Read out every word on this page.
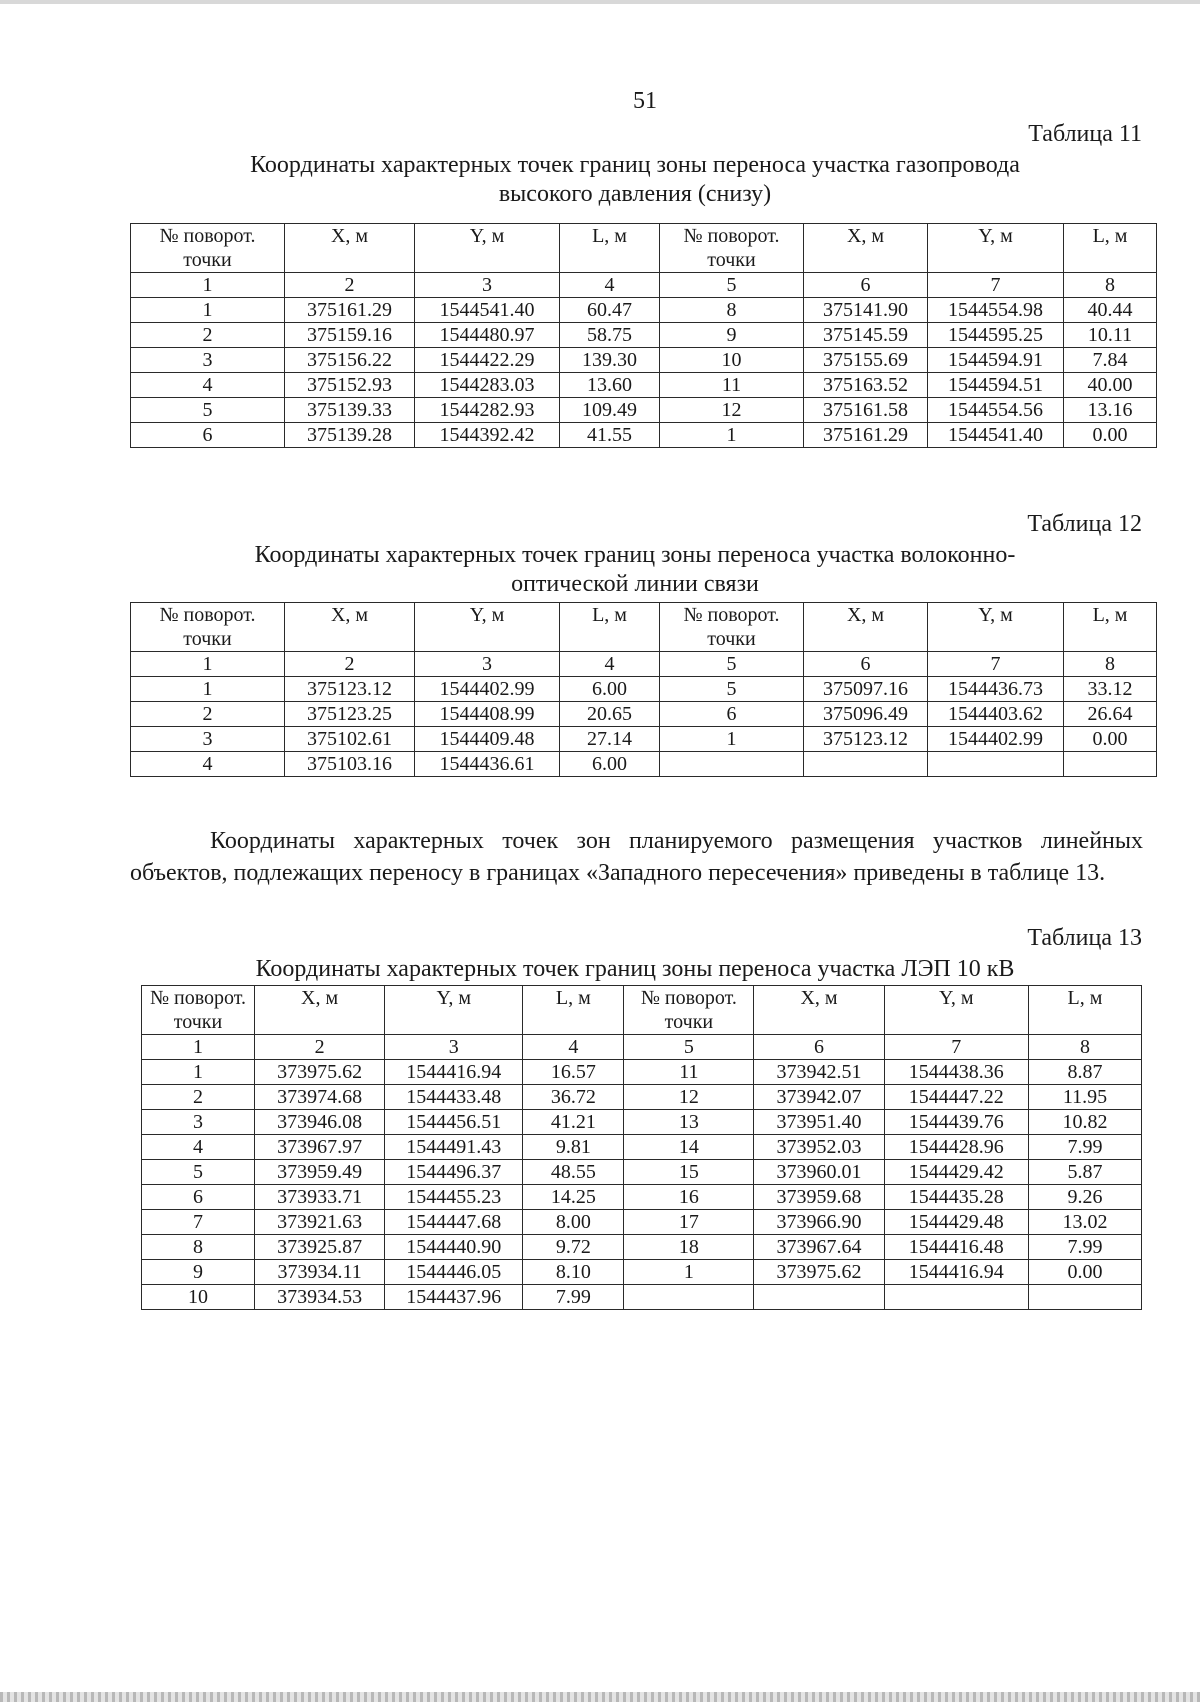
51
Таблица 11
Координаты характерных точек границ зоны переноса участка газопровода
высокого давления (снизу)
№ поворот. точки	X, м	Y, м	L, м	№ поворот. точки	X, м	Y, м	L, м
1	2	3	4	5	6	7	8
1	375161.29	1544541.40	60.47	8	375141.90	1544554.98	40.44
2	375159.16	1544480.97	58.75	9	375145.59	1544595.25	10.11
3	375156.22	1544422.29	139.30	10	375155.69	1544594.91	7.84
4	375152.93	1544283.03	13.60	11	375163.52	1544594.51	40.00
5	375139.33	1544282.93	109.49	12	375161.58	1544554.56	13.16
6	375139.28	1544392.42	41.55	1	375161.29	1544541.40	0.00
Таблица 12
Координаты характерных точек границ зоны переноса участка волоконно-
оптической линии связи
№ поворот. точки	X, м	Y, м	L, м	№ поворот. точки	X, м	Y, м	L, м
1	2	3	4	5	6	7	8
1	375123.12	1544402.99	6.00	5	375097.16	1544436.73	33.12
2	375123.25	1544408.99	20.65	6	375096.49	1544403.62	26.64
3	375102.61	1544409.48	27.14	1	375123.12	1544402.99	0.00
4	375103.16	1544436.61	6.00				
Координаты характерных точек зон планируемого размещения участков линейных объектов, подлежащих переносу в границах «Западного пересечения» приведены в таблице 13.
Таблица 13
Координаты характерных точек границ зоны переноса участка ЛЭП 10 кВ
№ поворот. точки	X, м	Y, м	L, м	№ поворот. точки	X, м	Y, м	L, м
1	2	3	4	5	6	7	8
1	373975.62	1544416.94	16.57	11	373942.51	1544438.36	8.87
2	373974.68	1544433.48	36.72	12	373942.07	1544447.22	11.95
3	373946.08	1544456.51	41.21	13	373951.40	1544439.76	10.82
4	373967.97	1544491.43	9.81	14	373952.03	1544428.96	7.99
5	373959.49	1544496.37	48.55	15	373960.01	1544429.42	5.87
6	373933.71	1544455.23	14.25	16	373959.68	1544435.28	9.26
7	373921.63	1544447.68	8.00	17	373966.90	1544429.48	13.02
8	373925.87	1544440.90	9.72	18	373967.64	1544416.48	7.99
9	373934.11	1544446.05	8.10	1	373975.62	1544416.94	0.00
10	373934.53	1544437.96	7.99				
